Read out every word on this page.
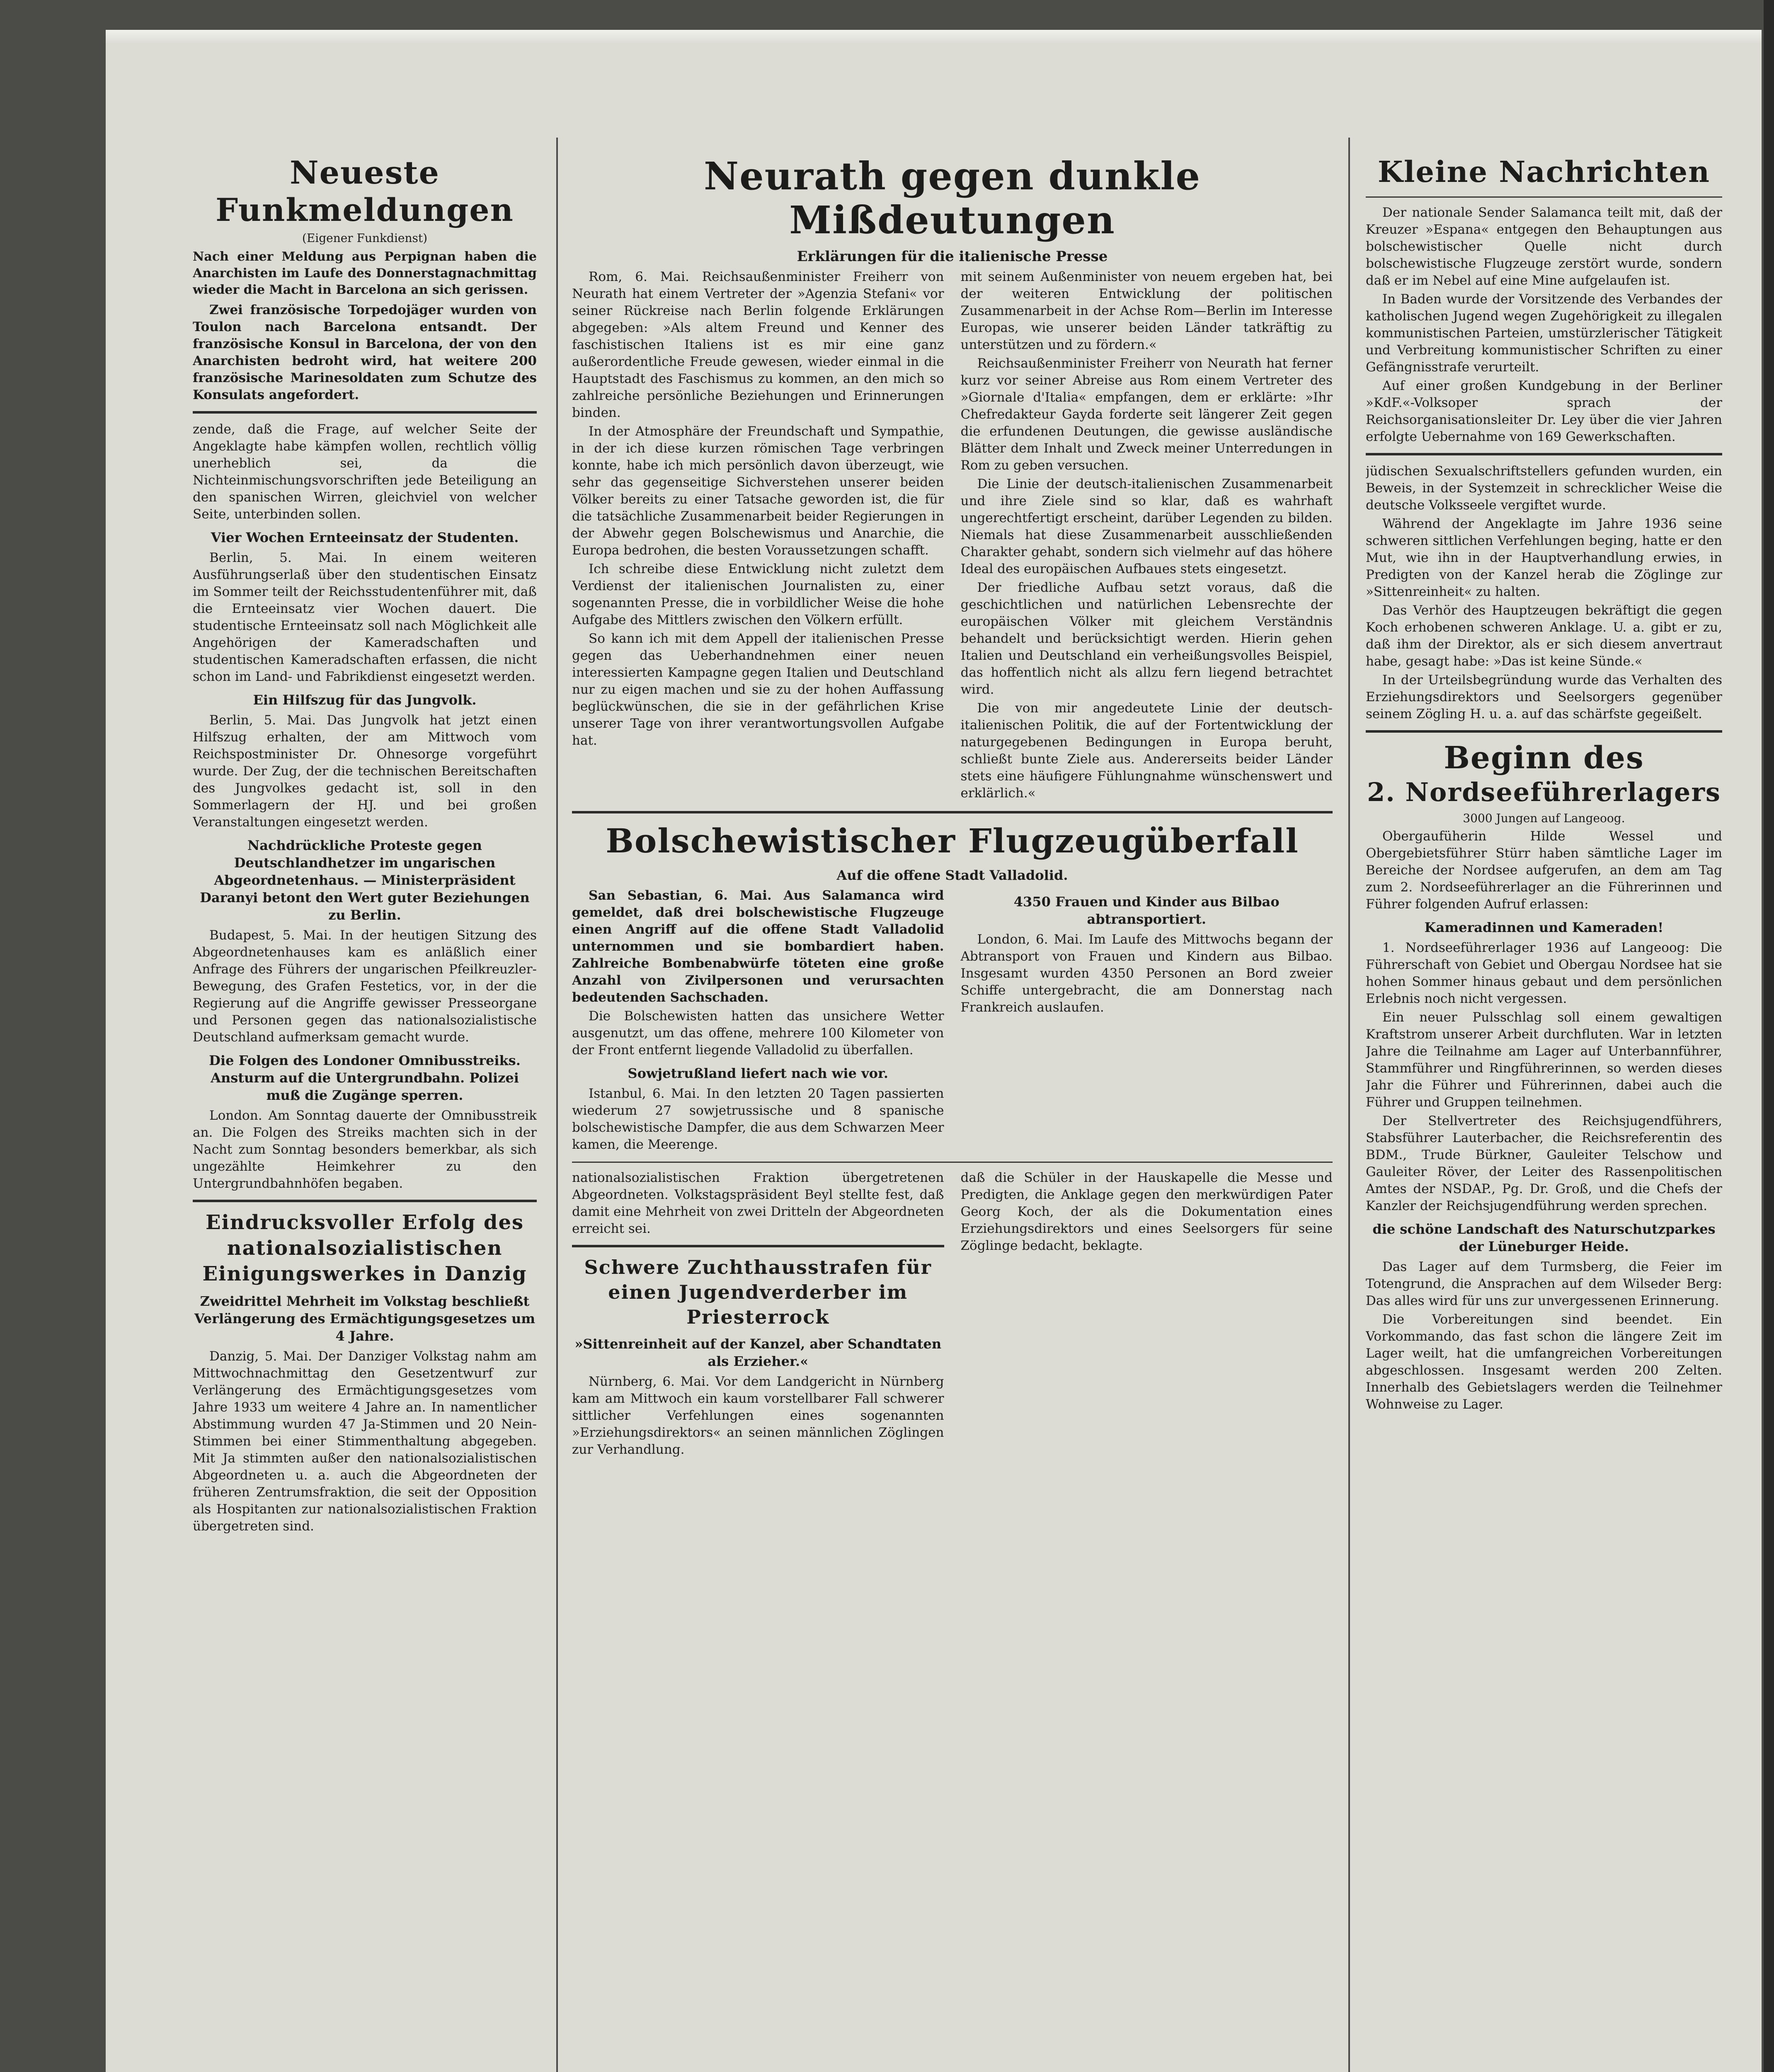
Neueste Funkmeldungen
(Eigener Funkdienst)

Nach einer Meldung aus Perpignan haben die Anarchisten im Laufe des Donnerstagnachmittag wieder die Macht in Barcelona an sich gerissen.

Zwei französische Torpedojäger wurden von Toulon nach Barcelona entsandt. Der französische Konsul in Barcelona, der von den Anarchisten bedroht wird, hat weitere 200 französische Marinesoldaten zum Schutze des Konsulats angefordert.

zende, daß die Frage, auf welcher Seite der Angeklagte habe kämpfen wollen, rechtlich völlig unerheblich sei, da die Nichteinmischungsvorschriften jede Beteiligung an den spanischen Wirren, gleichviel von welcher Seite, unterbinden sollen.

Vier Wochen Ernteeinsatz der Studenten.

Berlin, 5. Mai. In einem weiteren Ausführungserlaß über den studentischen Einsatz im Sommer teilt der Reichsstudentenführer mit, daß die Ernteeinsatz vier Wochen dauert. Die studentische Ernteeinsatz soll nach Möglichkeit alle Angehörigen der Kameradschaften und studentischen Kameradschaften erfassen, die nicht schon im Land- und Fabrikdienst eingesetzt werden.

Ein Hilfszug für das Jungvolk.

Berlin, 5. Mai. Das Jungvolk hat jetzt einen Hilfszug erhalten, der am Mittwoch vom Reichspostminister Dr. Ohnesorge vorgeführt wurde. Der Zug, der die technischen Bereitschaften des Jungvolkes gedacht ist, soll in den Sommerlagern der HJ. und bei großen Veranstaltungen eingesetzt werden.

Nachdrückliche Proteste gegen Deutschlandhetzer im ungarischen Abgeordnetenhaus. — Ministerpräsident Daranyi betont den Wert guter Beziehungen zu Berlin.

Budapest, 5. Mai. In der heutigen Sitzung des Abgeordnetenhauses kam es anläßlich einer Anfrage des Führers der ungarischen Pfeilkreuzler-Bewegung, des Grafen Festetics, vor, in der die Regierung auf die Angriffe gewisser Presseorgane und Personen gegen das nationalsozialistische Deutschland aufmerksam gemacht wurde.

Die Folgen des Londoner Omnibusstreiks. Ansturm auf die Untergrundbahn. Polizei muß die Zugänge sperren.

London. Am Sonntag dauerte der Omnibusstreik an. Die Folgen des Streiks machten sich in der Nacht zum Sonntag besonders bemerkbar, als sich ungezählte Heimkehrer zu den Untergrundbahnhöfen begaben.

Eindrucksvoller Erfolg des nationalsozialistischen Einigungswerkes in Danzig
Zweidrittel Mehrheit im Volkstag beschließt Verlängerung des Ermächtigungsgesetzes um 4 Jahre.

Danzig, 5. Mai. Der Danziger Volkstag nahm am Mittwochnachmittag den Gesetzentwurf zur Verlängerung des Ermächtigungsgesetzes vom Jahre 1933 um weitere 4 Jahre an. In namentlicher Abstimmung wurden 47 Ja-Stimmen und 20 Nein-Stimmen bei einer Stimmenthaltung abgegeben. Mit Ja stimmten außer den nationalsozialistischen Abgeordneten u. a. auch die Abgeordneten der früheren Zentrumsfraktion, die seit der Opposition als Hospitanten zur nationalsozialistischen Fraktion übergetreten sind.

Neurath gegen dunkle Mißdeutungen
Erklärungen für die italienische Presse

Rom, 6. Mai. Reichsaußenminister Freiherr von Neurath hat einem Vertreter der »Agenzia Stefani« vor seiner Rückreise nach Berlin folgende Erklärungen abgegeben: »Als altem Freund und Kenner des faschistischen Italiens ist es mir eine ganz außerordentliche Freude gewesen, wieder einmal in die Hauptstadt des Faschismus zu kommen, an den mich so zahlreiche persönliche Beziehungen und Erinnerungen binden.

In der Atmosphäre der Freundschaft und Sympathie, in der ich diese kurzen römischen Tage verbringen konnte, habe ich mich persönlich davon überzeugt, wie sehr das gegenseitige Sichverstehen unserer beiden Völker bereits zu einer Tatsache geworden ist, die für die tatsächliche Zusammenarbeit beider Regierungen in der Abwehr gegen Bolschewismus und Anarchie, die Europa bedrohen, die besten Voraussetzungen schafft.

Ich schreibe diese Entwicklung nicht zuletzt dem Verdienst der italienischen Journalisten zu, einer sogenannten Presse, die in vorbildlicher Weise die hohe Aufgabe des Mittlers zwischen den Völkern erfüllt.

So kann ich mit dem Appell der italienischen Presse gegen das Ueberhandnehmen einer neuen interessierten Kampagne gegen Italien und Deutschland nur zu eigen machen und sie zu der hohen Auffassung beglückwünschen, die sie in der gefährlichen Krise unserer Tage von ihrer verantwortungsvollen Aufgabe hat.

mit seinem Außenminister von neuem ergeben hat, bei der weiteren Entwicklung der politischen Zusammenarbeit in der Achse Rom—Berlin im Interesse Europas, wie unserer beiden Länder tatkräftig zu unterstützen und zu fördern.«

Reichsaußenminister Freiherr von Neurath hat ferner kurz vor seiner Abreise aus Rom einem Vertreter des »Giornale d'Italia« empfangen, dem er erklärte: »Ihr Chefredakteur Gayda forderte seit längerer Zeit gegen die erfundenen Deutungen, die gewisse ausländische Blätter dem Inhalt und Zweck meiner Unterredungen in Rom zu geben versuchen.

Die Linie der deutsch-italienischen Zusammenarbeit und ihre Ziele sind so klar, daß es wahrhaft ungerechtfertigt erscheint, darüber Legenden zu bilden. Niemals hat diese Zusammenarbeit ausschließenden Charakter gehabt, sondern sich vielmehr auf das höhere Ideal des europäischen Aufbaues stets eingesetzt.

Der friedliche Aufbau setzt voraus, daß die geschichtlichen und natürlichen Lebensrechte der europäischen Völker mit gleichem Verständnis behandelt und berücksichtigt werden. Hierin gehen Italien und Deutschland ein verheißungsvolles Beispiel, das hoffentlich nicht als allzu fern liegend betrachtet wird.

Die von mir angedeutete Linie der deutsch-italienischen Politik, die auf der Fortentwicklung der naturgegebenen Bedingungen in Europa beruht, schließt bunte Ziele aus. Andererseits beider Länder stets eine häufigere Fühlungnahme wünschenswert und erklärlich.«

Bolschewistischer Flugzeugüberfall
Auf die offene Stadt Valladolid.

San Sebastian, 6. Mai. Aus Salamanca wird gemeldet, daß drei bolschewistische Flugzeuge einen Angriff auf die offene Stadt Valladolid unternommen und sie bombardiert haben. Zahlreiche Bombenabwürfe töteten eine große Anzahl von Zivilpersonen und verursachten bedeutenden Sachschaden.

Die Bolschewisten hatten das unsichere Wetter ausgenutzt, um das offene, mehrere 100 Kilometer von der Front entfernt liegende Valladolid zu überfallen.

Sowjetrußland liefert nach wie vor.

Istanbul, 6. Mai. In den letzten 20 Tagen passierten wiederum 27 sowjetrussische und 8 spanische bolschewistische Dampfer, die aus dem Schwarzen Meer kamen, die Meerenge.

4350 Frauen und Kinder aus Bilbao abtransportiert.

London, 6. Mai. Im Laufe des Mittwochs begann der Abtransport von Frauen und Kindern aus Bilbao. Insgesamt wurden 4350 Personen an Bord zweier Schiffe untergebracht, die am Donnerstag nach Frankreich auslaufen.

nationalsozialistischen Fraktion übergetretenen Abgeordneten. Volkstagspräsident Beyl stellte fest, daß damit eine Mehrheit von zwei Dritteln der Abgeordneten erreicht sei.

Schwere Zuchthausstrafen für einen Jugendverderber im Priesterrock
»Sittenreinheit auf der Kanzel, aber Schandtaten als Erzieher.«

Nürnberg, 6. Mai. Vor dem Landgericht in Nürnberg kam am Mittwoch ein kaum vorstellbarer Fall schwerer sittlicher Verfehlungen eines sogenannten »Erziehungsdirektors« an seinen männlichen Zöglingen zur Verhandlung.

daß die Schüler in der Hauskapelle die Messe und Predigten, die Anklage gegen den merkwürdigen Pater Georg Koch, der als die Dokumentation eines Erziehungsdirektors und eines Seelsorgers für seine Zöglinge bedacht, beklagte.

Kleine Nachrichten

Der nationale Sender Salamanca teilt mit, daß der Kreuzer »Espana« entgegen den Behauptungen aus bolschewistischer Quelle nicht durch bolschewistische Flugzeuge zerstört wurde, sondern daß er im Nebel auf eine Mine aufgelaufen ist.

In Baden wurde der Vorsitzende des Verbandes der katholischen Jugend wegen Zugehörigkeit zu illegalen kommunistischen Parteien, umstürzlerischer Tätigkeit und Verbreitung kommunistischer Schriften zu einer Gefängnisstrafe verurteilt.

Auf einer großen Kundgebung in der Berliner »KdF.«-Volksoper sprach der Reichsorganisationsleiter Dr. Ley über die vier Jahren erfolgte Uebernahme von 169 Gewerkschaften.

jüdischen Sexualschriftstellers gefunden wurden, ein Beweis, in der Systemzeit in schrecklicher Weise die deutsche Volksseele vergiftet wurde.

Während der Angeklagte im Jahre 1936 seine schweren sittlichen Verfehlungen beging, hatte er den Mut, wie ihn in der Hauptverhandlung erwies, in Predigten von der Kanzel herab die Zöglinge zur »Sittenreinheit« zu halten.

Das Verhör des Hauptzeugen bekräftigt die gegen Koch erhobenen schweren Anklage. U. a. gibt er zu, daß ihm der Direktor, als er sich diesem anvertraut habe, gesagt habe: »Das ist keine Sünde.«

In der Urteilsbegründung wurde das Verhalten des Erziehungsdirektors und Seelsorgers gegenüber seinem Zögling H. u. a. auf das schärfste gegeißelt.

Beginn des
2. Nordseeführerlagers
3000 Jungen auf Langeoog.

Obergaufüherin Hilde Wessel und Obergebietsführer Stürr haben sämtliche Lager im Bereiche der Nordsee aufgerufen, an dem am Tag zum 2. Nordseeführerlager an die Führerinnen und Führer folgenden Aufruf erlassen:

Kameradinnen und Kameraden!

1. Nordseeführerlager 1936 auf Langeoog: Die Führerschaft von Gebiet und Obergau Nordsee hat sie hohen Sommer hinaus gebaut und dem persönlichen Erlebnis noch nicht vergessen.

Ein neuer Pulsschlag soll einem gewaltigen Kraftstrom unserer Arbeit durchfluten. War in letzten Jahre die Teilnahme am Lager auf Unterbannführer, Stammführer und Ringführerinnen, so werden dieses Jahr die Führer und Führerinnen, dabei auch die Führer und Gruppen teilnehmen.

Der Stellvertreter des Reichsjugendführers, Stabsführer Lauterbacher, die Reichsreferentin des BDM., Trude Bürkner, Gauleiter Telschow und Gauleiter Röver, der Leiter des Rassenpolitischen Amtes der NSDAP., Pg. Dr. Groß, und die Chefs der Kanzler der Reichsjugendführung werden sprechen.

die schöne Landschaft des Naturschutzparkes der Lüneburger Heide.

Das Lager auf dem Turmsberg, die Feier im Totengrund, die Ansprachen auf dem Wilseder Berg: Das alles wird für uns zur unvergessenen Erinnerung.

Die Vorbereitungen sind beendet. Ein Vorkommando, das fast schon die längere Zeit im Lager weilt, hat die umfangreichen Vorbereitungen abgeschlossen. Insgesamt werden 200 Zelten. Innerhalb des Gebietslagers werden die Teilnehmer Wohnweise zu Lager.
